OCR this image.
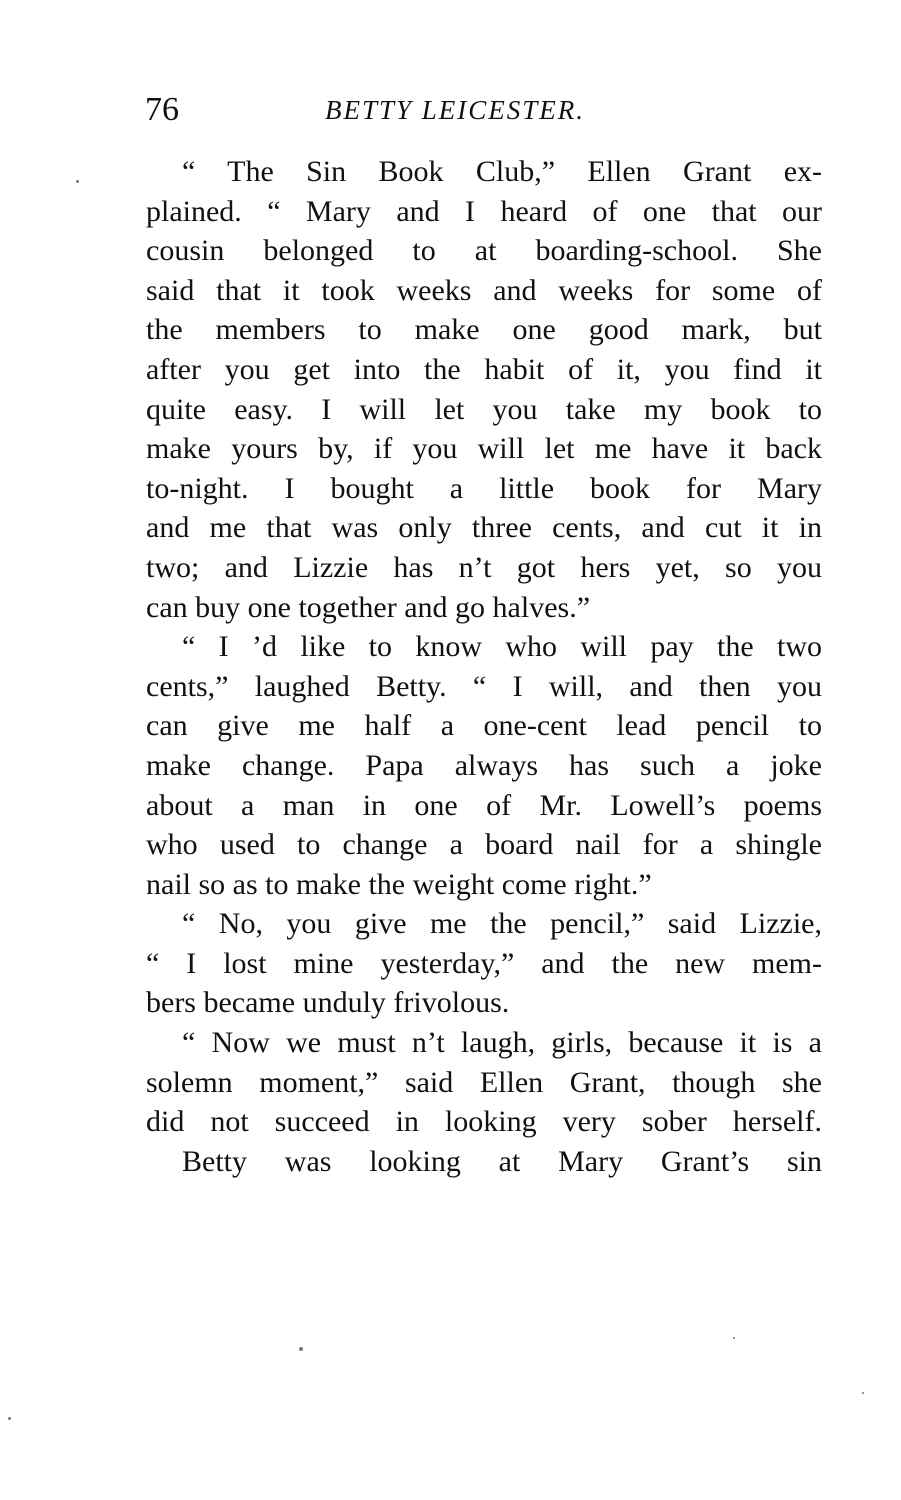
76	BETTY LEICESTER.
“ The Sin Book Club,” Ellen Grant ex-
plained. “ Mary and I heard of one that our
cousin belonged to at boarding-school. She
said that it took weeks and weeks for some of
the members to make one good mark, but
after you get into the habit of it, you find it
quite easy. I will let you take my book to
make yours by, if you will let me have it back
to-night. I bought a little book for Mary
and me that was only three cents, and cut it in
two; and Lizzie has n’t got hers yet, so you
can buy one together and go halves.”
“ I ’d like to know who will pay the two
cents,” laughed Betty. “ I will, and then you
can give me half a one-cent lead pencil to
make change. Papa always has such a joke
about a man in one of Mr. Lowell’s poems
who used to change a board nail for a shingle
nail so as to make the weight come right.”
“ No, you give me the pencil,” said Lizzie,
“ I lost mine yesterday,” and the new mem-
bers became unduly frivolous.
“ Now we must n’t laugh, girls, because it is a
solemn moment,” said Ellen Grant, though she
did not succeed in looking very sober herself.
Betty was looking at Mary Grant’s sin
